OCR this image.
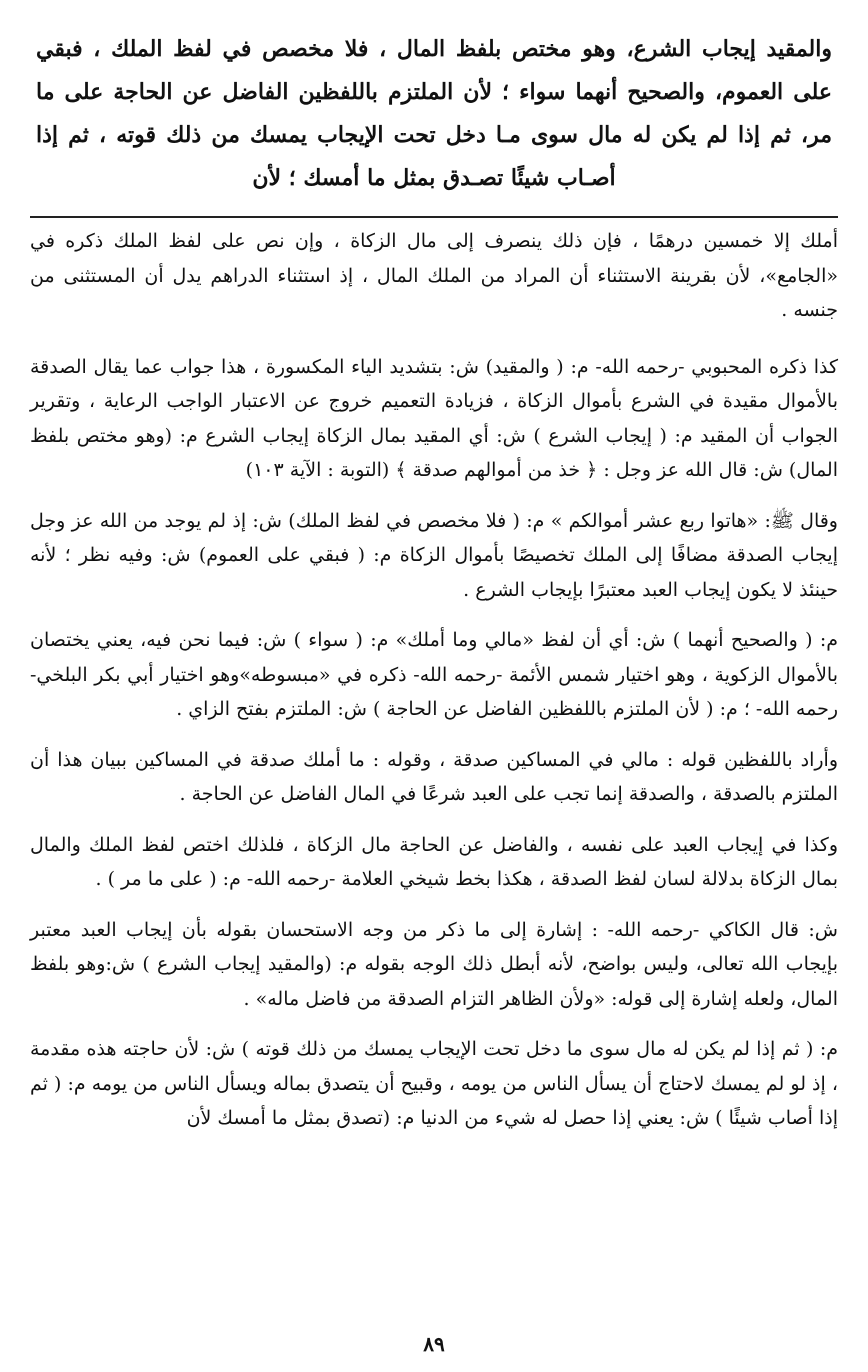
والمقيد إيجاب الشرع، وهو مختص بلفظ المال ، فلا مخصص في لفظ الملك ، فبقي على العموم، والصحيح أنهما سواء ؛ لأن الملتزم باللفظين الفاضل عن الحاجة على ما مر، ثم إذا لم يكن له مال سوى مـا دخل تحت الإيجاب يمسك من ذلك قوته ، ثم إذا أصـاب شيئًا تصـدق بمثل ما أمسك ؛ لأن

أملك إلا خمسين درهمًا ، فإن ذلك ينصرف إلى مال الزكاة ، وإن نص على لفظ الملك ذكره في «الجامع»، لأن بقرينة الاستثناء أن المراد من الملك المال ، إذ استثناء الدراهم يدل أن المستثنى من جنسه .

كذا ذكره المحبوبي -رحمه الله- م: ( والمقيد) ش: بتشديد الياء المكسورة ، هذا جواب عما يقال الصدقة بالأموال مقيدة في الشرع بأموال الزكاة ، فزيادة التعميم خروج عن الاعتبار الواجب الرعاية ، وتقرير الجواب أن المقيد م: ( إيجاب الشرع ) ش: أي المقيد بمال الزكاة إيجاب الشرع م: (وهو مختص بلفظ المال) ش: قال الله عز وجل : ﴿ خذ من أموالهم صدقة ﴾ (التوبة : الآية ١٠٣)

وقال ﷺ: «هاتوا ربع عشر أموالكم » م: ( فلا مخصص في لفظ الملك) ش: إذ لم يوجد من الله عز وجل إيجاب الصدقة مضافًا إلى الملك تخصيصًا بأموال الزكاة م: ( فبقي على العموم) ش: وفيه نظر ؛ لأنه حينئذ لا يكون إيجاب العبد معتبرًا بإيجاب الشرع .

م: ( والصحيح أنهما ) ش: أي أن لفظ «مالي وما أملك» م: ( سواء ) ش: فيما نحن فيه، يعني يختصان بالأموال الزكوية ، وهو اختيار شمس الأئمة -رحمه الله- ذكره في «مبسوطه»وهو اختيار أبي بكر البلخي-رحمه الله- ؛ م: ( لأن الملتزم باللفظين الفاضل عن الحاجة ) ش: الملتزم بفتح الزاي .

وأراد باللفظين قوله : مالي في المساكين صدقة ، وقوله : ما أملك صدقة في المساكين ببيان هذا أن الملتزم بالصدقة ، والصدقة إنما تجب على العبد شرعًا في المال الفاضل عن الحاجة .

وكذا في إيجاب العبد على نفسه ، والفاضل عن الحاجة مال الزكاة ، فلذلك اختص لفظ الملك والمال بمال الزكاة بدلالة لسان لفظ الصدقة ، هكذا بخط شيخي العلامة -رحمه الله- م: ( على ما مر ) .

ش: قال الكاكي -رحمه الله- : إشارة إلى ما ذكر من وجه الاستحسان بقوله بأن إيجاب العبد معتبر بإيجاب الله تعالى، وليس بواضح، لأنه أبطل ذلك الوجه بقوله م: (والمقيد إيجاب الشرع ) ش:وهو بلفظ المال، ولعله إشارة إلى قوله: «ولأن الظاهر التزام الصدقة من فاضل ماله» .

م: ( ثم إذا لم يكن له مال سوى ما دخل تحت الإيجاب يمسك من ذلك قوته ) ش: لأن حاجته هذه مقدمة ، إذ لو لم يمسك لاحتاج أن يسأل الناس من يومه ، وقبيح أن يتصدق بماله ويسأل الناس من يومه م: ( ثم إذا أصاب شيئًا ) ش: يعني إذا حصل له شيء من الدنيا م: (تصدق بمثل ما أمسك لأن

٨٩
